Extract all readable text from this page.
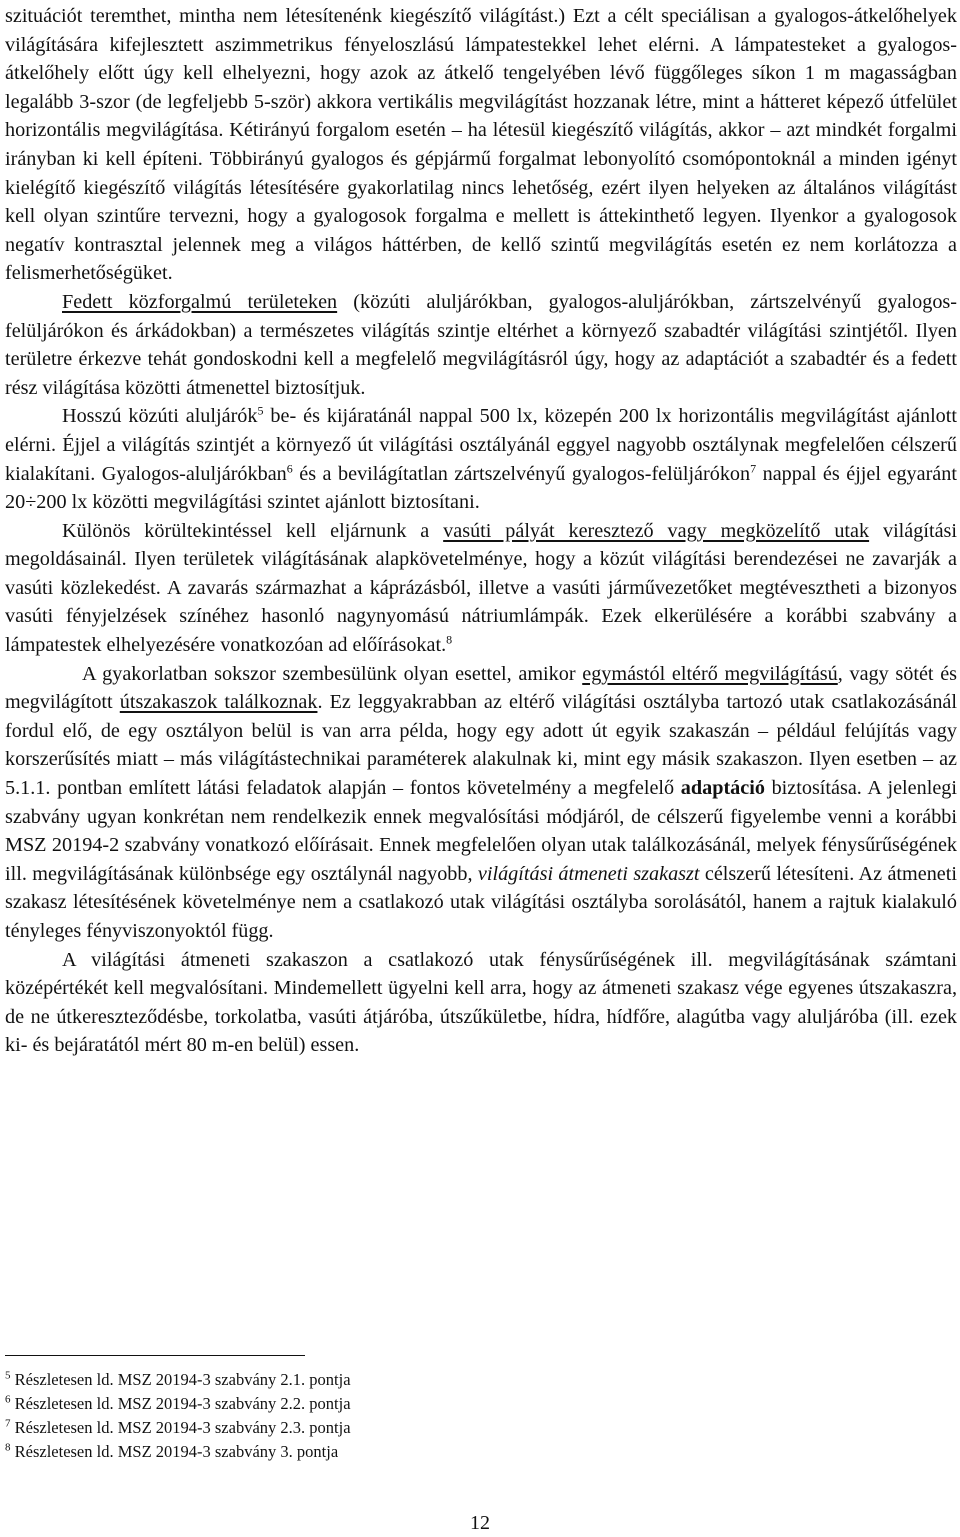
szituációt teremthet, mintha nem létesítenénk kiegészítő világítást.) Ezt a célt speciálisan a gyalogos-átkelőhelyek világítására kifejlesztett aszimmetrikus fényeloszlású lámpatestekkel lehet elérni. A lámpatesteket a gyalogos-átkelőhely előtt úgy kell elhelyezni, hogy azok az átkelő tengelyében lévő függőleges síkon 1 m magasságban legalább 3-szor (de legfeljebb 5-ször) akkora vertikális megvilágítást hozzanak létre, mint a hátteret képező útfelület horizontális megvilágítása. Kétirányú forgalom esetén – ha létesül kiegészítő világítás, akkor – azt mindkét forgalmi irányban ki kell építeni. Többirányú gyalogos és gépjármű forgalmat lebonyolító csomópontoknál a minden igényt kielégítő kiegészítő világítás létesítésére gyakorlatilag nincs lehetőség, ezért ilyen helyeken az általános világítást kell olyan szintűre tervezni, hogy a gyalogosok forgalma e mellett is áttekinthető legyen. Ilyenkor a gyalogosok negatív kontrasztal jelennek meg a világos háttérben, de kellő szintű megvilágítás esetén ez nem korlátozza a felismerhetőségüket.

Fedett közforgalmú területeken (közúti aluljárókban, gyalogos-aluljárókban, zártszelvényű gyalogos-felüljárókon és árkádokban) a természetes világítás szintje eltérhet a környező szabadtér világítási szintjétől. Ilyen területre érkezve tehát gondoskodni kell a megfelelő megvilágításról úgy, hogy az adaptációt a szabadtér és a fedett rész világítása közötti átmenettel biztosítjuk.

Hosszú közúti aluljárók$^5$ be- és kijáratánál nappal 500 lx, közepén 200 lx horizontális megvilágítást ajánlott elérni. Éjjel a világítás szintjét a környező út világítási osztályánál eggyel nagyobb osztálynak megfelelően célszerű kialakítani. Gyalogos-aluljárókban$^6$ és a bevilágítatlan zártszelvényű gyalogos-felüljárókon$^7$ nappal és éjjel egyaránt 20÷200 lx közötti megvilágítási szintet ajánlott biztosítani.

Különös körültekintéssel kell eljárnunk a vasúti pályát keresztező vagy megközelítő utak világítási megoldásainál. Ilyen területek világításának alapkövetelménye, hogy a közút világítási berendezései ne zavarják a vasúti közlekedést. A zavarás származhat a káprázásból, illetve a vasúti járművezetőket megtévesztheti a bizonyos vasúti fényjelzések színéhez hasonló nagynyomású nátriumlámpák. Ezek elkerülésére a korábbi szabvány a lámpatestek elhelyezésére vonatkozóan ad előírásokat.$^8$

A gyakorlatban sokszor szembesülünk olyan esettel, amikor egymástól eltérő megvilágítású, vagy sötét és megvilágított útszakaszok találkoznak. Ez leggyakrabban az eltérő világítási osztályba tartozó utak csatlakozásánál fordul elő, de egy osztályon belül is van arra példa, hogy egy adott út egyik szakaszán – például felújítás vagy korszerűsítés miatt – más világítástechnikai paraméterek alakulnak ki, mint egy másik szakaszon. Ilyen esetben – az 5.1.1. pontban említett látási feladatok alapján – fontos követelmény a megfelelő adaptáció biztosítása. A jelenlegi szabvány ugyan konkrétan nem rendelkezik ennek megvalósítási módjáról, de célszerű figyelembe venni a korábbi MSZ 20194-2 szabvány vonatkozó előírásait. Ennek megfelelően olyan utak találkozásánál, melyek fénysűrűségének ill. megvilágításának különbsége egy osztálynál nagyobb, világítási átmeneti szakaszt célszerű létesíteni. Az átmeneti szakasz létesítésének követelménye nem a csatlakozó utak világítási osztályba sorolásától, hanem a rajtuk kialakuló tényleges fényviszonyoktól függ.

A világítási átmeneti szakaszon a csatlakozó utak fénysűrűségének ill. megvilágításának számtani középértékét kell megvalósítani. Mindemellett ügyelni kell arra, hogy az átmeneti szakasz vége egyenes útszakaszra, de ne útkereszteződésbe, torkolatba, vasúti átjáróba, útszűkületbe, hídra, hídfőre, alagútba vagy aluljáróba (ill. ezek ki- és bejáratától mért 80 m-en belül) essen.

$^5$ Részletesen ld. MSZ 20194-3 szabvány 2.1. pontja
$^6$ Részletesen ld. MSZ 20194-3 szabvány 2.2. pontja
$^7$ Részletesen ld. MSZ 20194-3 szabvány 2.3. pontja
$^8$ Részletesen ld. MSZ 20194-3 szabvány 3. pontja
12
